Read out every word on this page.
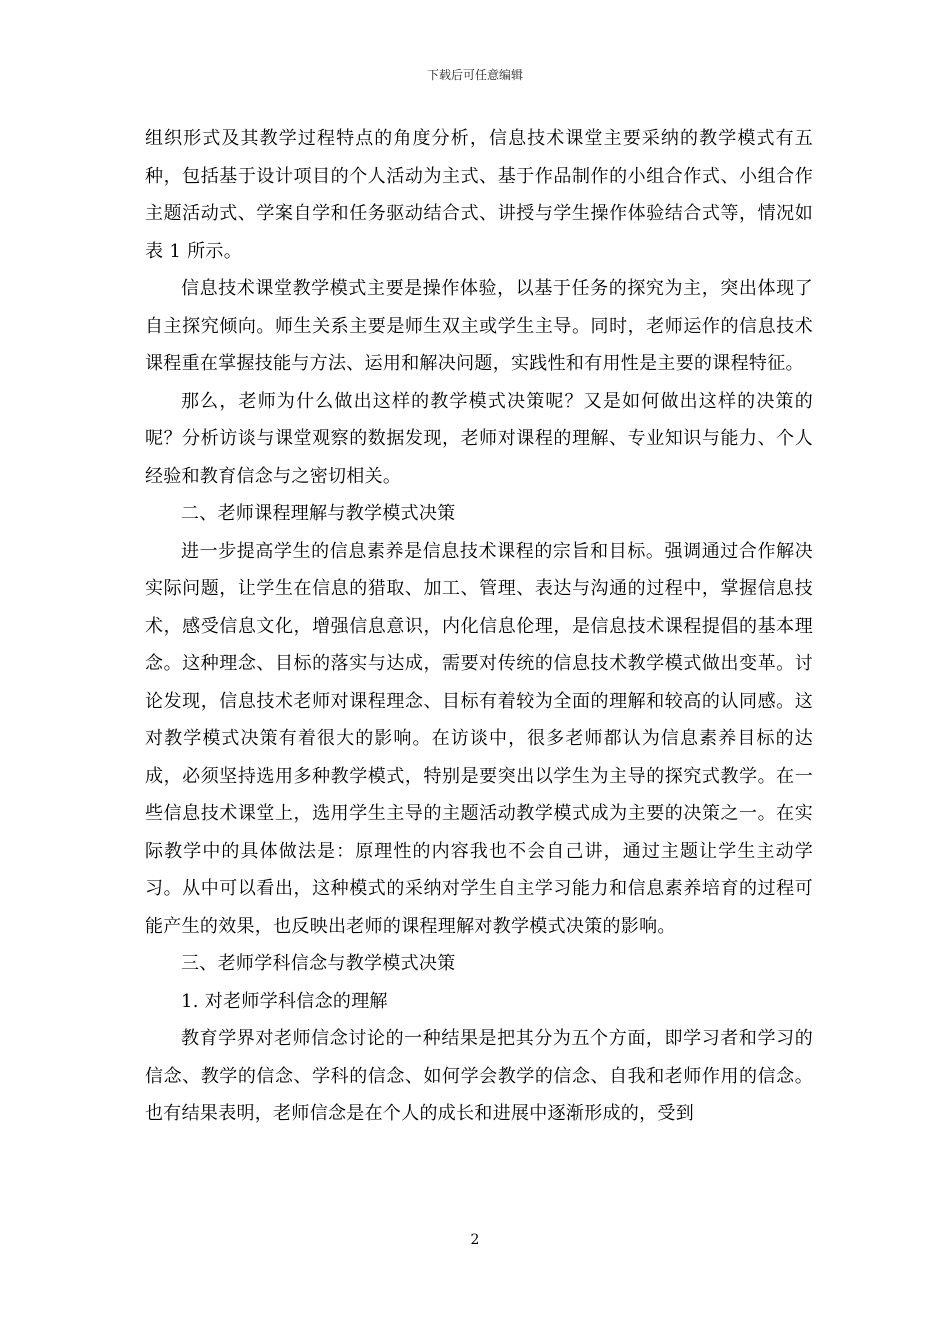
下载后可任意编辑

组织形式及其教学过程特点的角度分析，信息技术课堂主要采纳的教学模式有五种，包括基于设计项目的个人活动为主式、基于作品制作的小组合作式、小组合作主题活动式、学案自学和任务驱动结合式、讲授与学生操作体验结合式等，情况如表 1 所示。

信息技术课堂教学模式主要是操作体验，以基于任务的探究为主，突出体现了自主探究倾向。师生关系主要是师生双主或学生主导。同时，老师运作的信息技术课程重在掌握技能与方法、运用和解决问题，实践性和有用性是主要的课程特征。

那么，老师为什么做出这样的教学模式决策呢？又是如何做出这样的决策的呢？分析访谈与课堂观察的数据发现，老师对课程的理解、专业知识与能力、个人经验和教育信念与之密切相关。

二、老师课程理解与教学模式决策

进一步提高学生的信息素养是信息技术课程的宗旨和目标。强调通过合作解决实际问题，让学生在信息的猎取、加工、管理、表达与沟通的过程中，掌握信息技术，感受信息文化，增强信息意识，内化信息伦理，是信息技术课程提倡的基本理念。这种理念、目标的落实与达成，需要对传统的信息技术教学模式做出变革。讨论发现，信息技术老师对课程理念、目标有着较为全面的理解和较高的认同感。这对教学模式决策有着很大的影响。在访谈中，很多老师都认为信息素养目标的达成，必须坚持选用多种教学模式，特别是要突出以学生为主导的探究式教学。在一些信息技术课堂上，选用学生主导的主题活动教学模式成为主要的决策之一。在实际教学中的具体做法是：原理性的内容我也不会自己讲，通过主题让学生主动学习。从中可以看出，这种模式的采纳对学生自主学习能力和信息素养培育的过程可能产生的效果，也反映出老师的课程理解对教学模式决策的影响。

三、老师学科信念与教学模式决策

1. 对老师学科信念的理解

教育学界对老师信念讨论的一种结果是把其分为五个方面，即学习者和学习的信念、教学的信念、学科的信念、如何学会教学的信念、自我和老师作用的信念。也有结果表明，老师信念是在个人的成长和进展中逐渐形成的，受到

2
